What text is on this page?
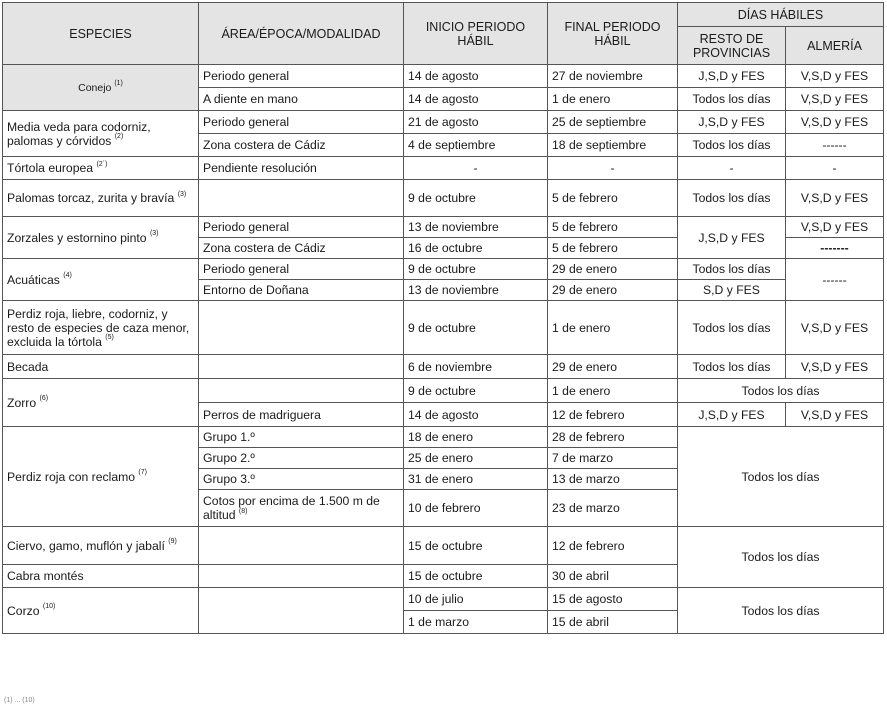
ESPECIES	ÁREA/ÉPOCA/MODALIDAD	INICIO PERIODO HÁBIL	FINAL PERIODO HÁBIL	DÍAS HÁBILES	
				RESTO DE PROVINCIAS	ALMERÍA
Conejo $^{(1)}$	Periodo general	14 de agosto	27 de noviembre	J,S,D y FES	V,S,D y FES
	A diente en mano	14 de agosto	1 de enero	Todos los días	V,S,D y FES
Media veda para codorniz, palomas y córvidos $^{(2)}$	Periodo general	21 de agosto	25 de septiembre	J,S,D y FES	V,S,D y FES
	Zona costera de Cádiz	4 de septiembre	18 de septiembre	Todos los días	------
Tórtola europea $^{(2´)}$	Pendiente resolución	-	-	-	-
Palomas torcaz, zurita y bravía $^{(3)}$		9 de octubre	5 de febrero	Todos los días	V,S,D y FES
Zorzales y estornino pinto $^{(3)}$	Periodo general	13 de noviembre	5 de febrero	J,S,D y FES	V,S,D y FES
	Zona costera de Cádiz	16 de octubre	5 de febrero		-------
Acuáticas $^{(4)}$	Periodo general	9 de octubre	29 de enero	Todos los días	------
	Entorno de Doñana	13 de noviembre	29 de enero	S,D y FES	
Perdiz roja, liebre, codorniz, y resto de especies de caza menor, excluida la tórtola $^{(5)}$		9 de octubre	1 de enero	Todos los días	V,S,D y FES
Becada		6 de noviembre	29 de enero	Todos los días	V,S,D y FES
Zorro $^{(6)}$		9 de octubre	1 de enero	Todos los días	
	Perros de madriguera	14 de agosto	12 de febrero	J,S,D y FES	V,S,D y FES
Perdiz roja con reclamo $^{(7)}$	Grupo 1.º	18 de enero	28 de febrero	Todos los días	
	Grupo 2.º	25 de enero	7 de marzo		
	Grupo 3.º	31 de enero	13 de marzo		
	Cotos por encima de 1.500 m de altitud $^{(8)}$	10 de febrero	23 de marzo		
Ciervo, gamo, muflón y jabalí $^{(9)}$		15 de octubre	12 de febrero	Todos los días	
Cabra montés		15 de octubre	30 de abril		
Corzo $^{(10)}$		10 de julio	15 de agosto	Todos los días	
		1 de marzo	15 de abril		
(1) ... (10)
